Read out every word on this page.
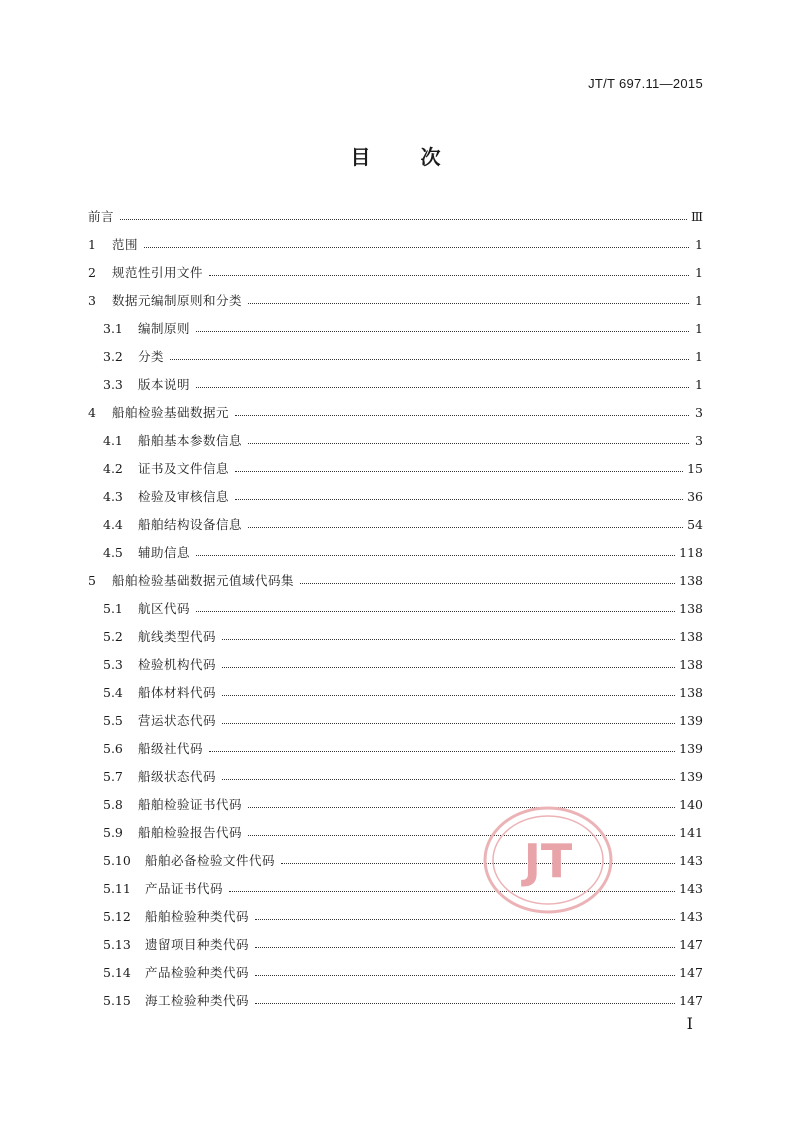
JT/T 697.11—2015
目 次
前言	Ⅲ
1	范围	1
2	规范性引用文件	1
3	数据元编制原则和分类	1
3.1	编制原则	1
3.2	分类	1
3.3	版本说明	1
4	船舶检验基础数据元	3
4.1	船舶基本参数信息	3
4.2	证书及文件信息	15
4.3	检验及审核信息	36
4.4	船舶结构设备信息	54
4.5	辅助信息	118
5	船舶检验基础数据元值域代码集	138
5.1	航区代码	138
5.2	航线类型代码	138
5.3	检验机构代码	138
5.4	船体材料代码	138
5.5	营运状态代码	139
5.6	船级社代码	139
5.7	船级状态代码	139
5.8	船舶检验证书代码	140
5.9	船舶检验报告代码	141
5.10	船舶必备检验文件代码	143
5.11	产品证书代码	143
5.12	船舶检验种类代码	143
5.13	遗留项目种类代码	147
5.14	产品检验种类代码	147
5.15	海工检验种类代码	147
JT
Ⅰ
